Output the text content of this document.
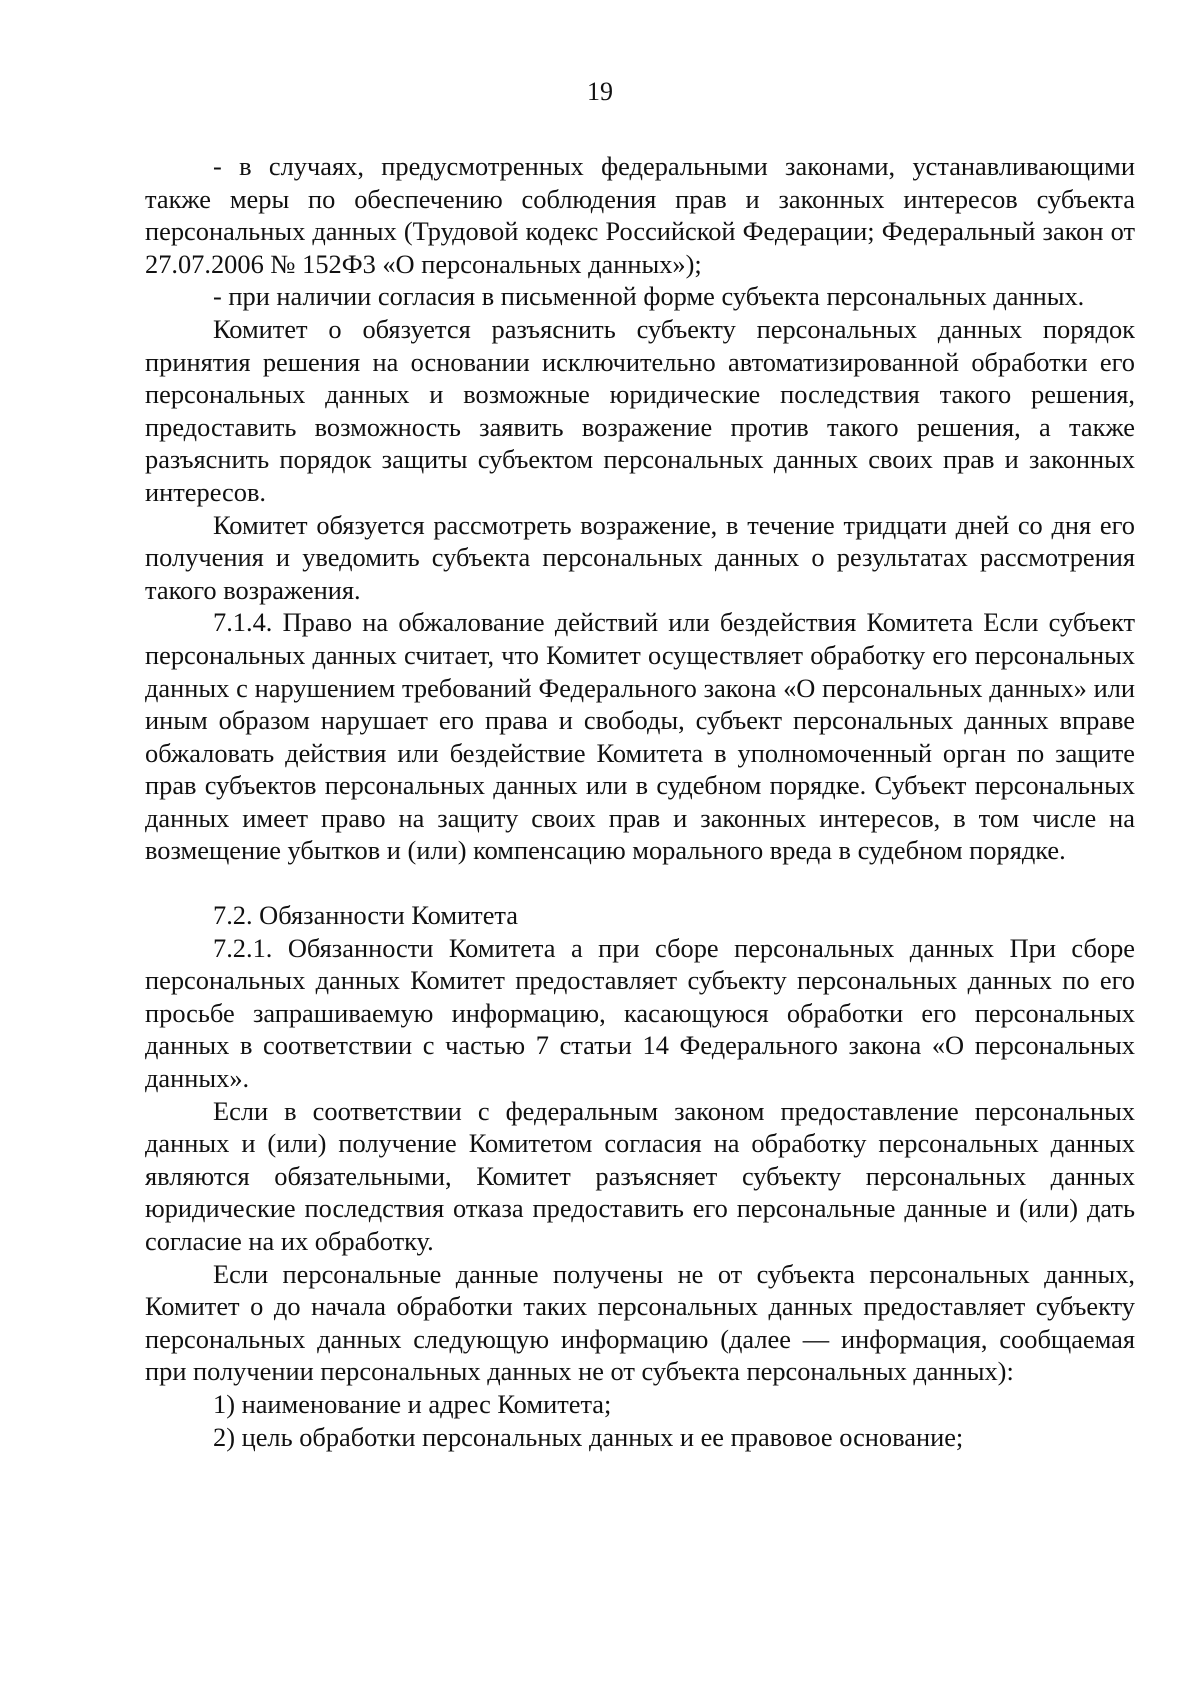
19

- в случаях, предусмотренных федеральными законами, устанавливающими также меры по обеспечению соблюдения прав и законных интересов субъекта персональных данных (Трудовой кодекс Российской Федерации; Федеральный закон от 27.07.2006 № 152Ф3 «О персональных данных»);

- при наличии согласия в письменной форме субъекта персональных данных.

Комитет о обязуется разъяснить субъекту персональных данных порядок принятия решения на основании исключительно автоматизированной обработки его персональных данных и возможные юридические последствия такого решения, предоставить возможность заявить возражение против такого решения, а также разъяснить порядок защиты субъектом персональных данных своих прав и законных интересов.

Комитет обязуется рассмотреть возражение, в течение тридцати дней со дня его получения и уведомить субъекта персональных данных о результатах рассмотрения такого возражения.

7.1.4. Право на обжалование действий или бездействия Комитета Если субъект персональных данных считает, что Комитет осуществляет обработку его персональных данных с нарушением требований Федерального закона «О персональных данных» или иным образом нарушает его права и свободы, субъект персональных данных вправе обжаловать действия или бездействие Комитета в уполномоченный орган по защите прав субъектов персональных данных или в судебном порядке. Субъект персональных данных имеет право на защиту своих прав и законных интересов, в том числе на возмещение убытков и (или) компенсацию морального вреда в судебном порядке.

7.2. Обязанности Комитета

7.2.1. Обязанности Комитета а при сборе персональных данных При сборе персональных данных Комитет предоставляет субъекту персональных данных по его просьбе запрашиваемую информацию, касающуюся обработки его персональных данных в соответствии с частью 7 статьи 14 Федерального закона «О персональных данных».

Если в соответствии с федеральным законом предоставление персональных данных и (или) получение Комитетом согласия на обработку персональных данных являются обязательными, Комитет разъясняет субъекту персональных данных юридические последствия отказа предоставить его персональные данные и (или) дать согласие на их обработку.

Если персональные данные получены не от субъекта персональных данных, Комитет о до начала обработки таких персональных данных предоставляет субъекту персональных данных следующую информацию (далее — информация, сообщаемая при получении персональных данных не от субъекта персональных данных):

1) наименование и адрес Комитета;

2) цель обработки персональных данных и ее правовое основание;
